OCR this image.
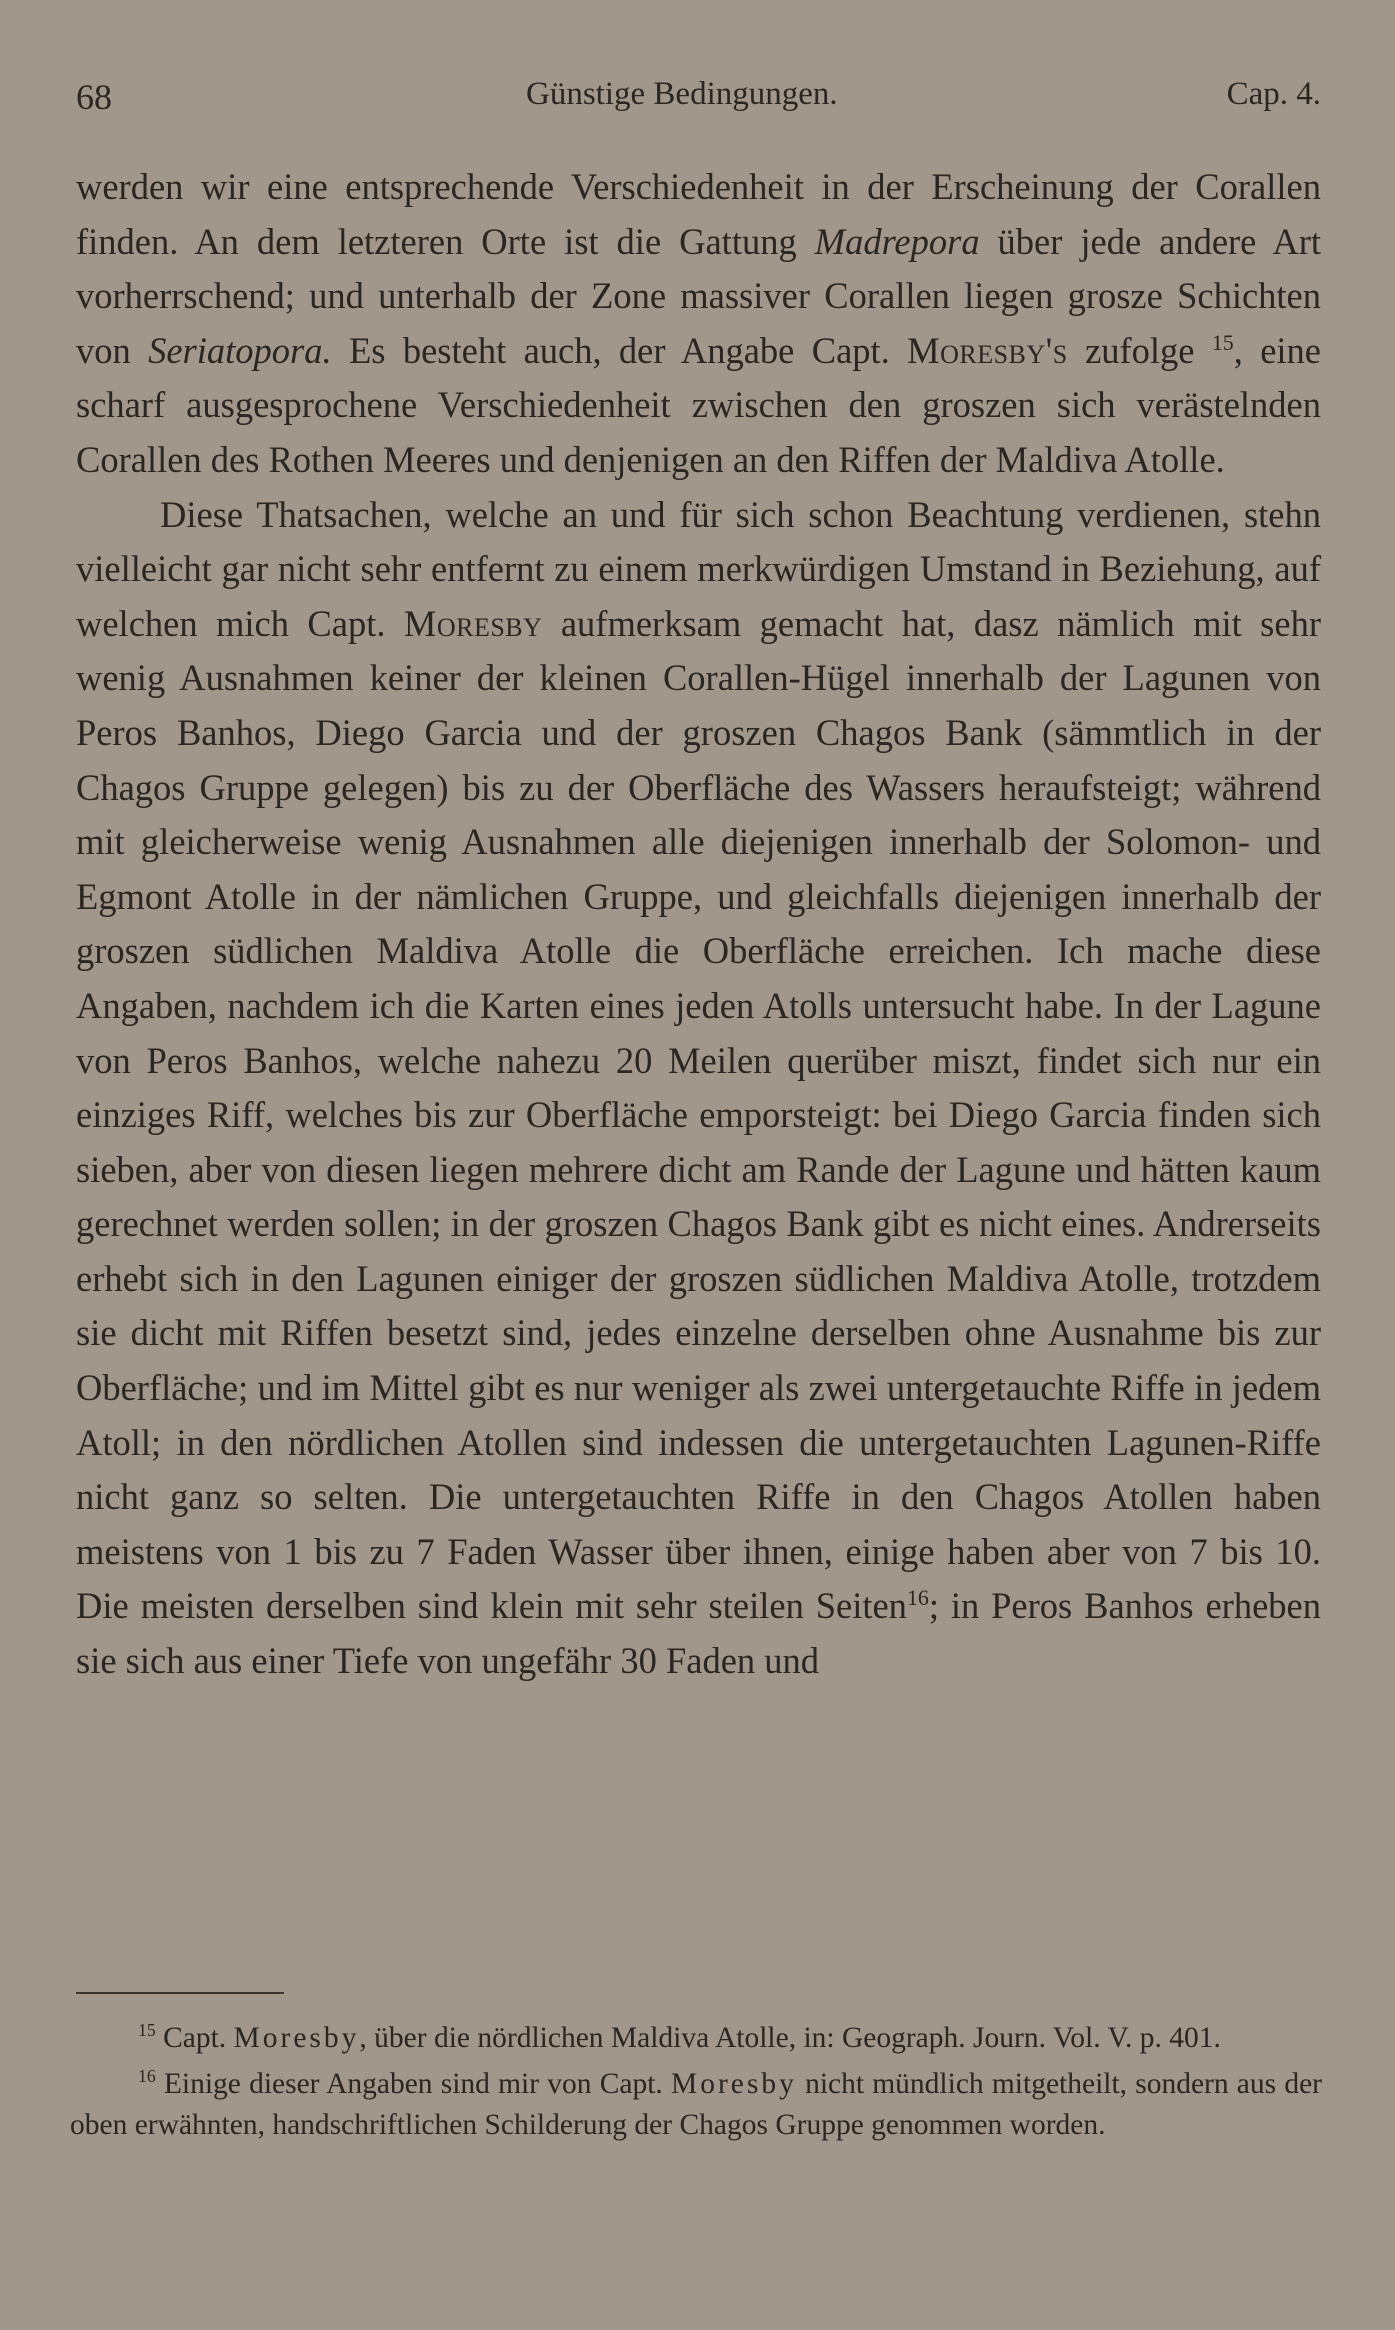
68	Günstige Bedingungen.	Cap. 4.

werden wir eine entsprechende Verschiedenheit in der Erscheinung der Corallen finden. An dem letzteren Orte ist die Gattung Madrepora über jede andere Art vorherrschend; und unterhalb der Zone massiver Corallen liegen grosze Schichten von Seriatopora. Es besteht auch, der Angabe Capt. Moresby's zufolge $^{15}$, eine scharf ausgesprochene Verschiedenheit zwischen den groszen sich verästelnden Corallen des Rothen Meeres und denjenigen an den Riffen der Maldiva Atolle.

Diese Thatsachen, welche an und für sich schon Beachtung verdienen, stehn vielleicht gar nicht sehr entfernt zu einem merkwürdigen Umstand in Beziehung, auf welchen mich Capt. Moresby aufmerksam gemacht hat, dasz nämlich mit sehr wenig Ausnahmen keiner der kleinen Corallen-Hügel innerhalb der Lagunen von Peros Banhos, Diego Garcia und der groszen Chagos Bank (sämmtlich in der Chagos Gruppe gelegen) bis zu der Oberfläche des Wassers heraufsteigt; während mit gleicherweise wenig Ausnahmen alle diejenigen innerhalb der Solomon- und Egmont Atolle in der nämlichen Gruppe, und gleichfalls diejenigen innerhalb der groszen südlichen Maldiva Atolle die Oberfläche erreichen. Ich mache diese Angaben, nachdem ich die Karten eines jeden Atolls untersucht habe. In der Lagune von Peros Banhos, welche nahezu 20 Meilen querüber miszt, findet sich nur ein einziges Riff, welches bis zur Oberfläche emporsteigt: bei Diego Garcia finden sich sieben, aber von diesen liegen mehrere dicht am Rande der Lagune und hätten kaum gerechnet werden sollen; in der groszen Chagos Bank gibt es nicht eines. Andrerseits erhebt sich in den Lagunen einiger der groszen südlichen Maldiva Atolle, trotzdem sie dicht mit Riffen besetzt sind, jedes einzelne derselben ohne Ausnahme bis zur Oberfläche; und im Mittel gibt es nur weniger als zwei untergetauchte Riffe in jedem Atoll; in den nördlichen Atollen sind indessen die untergetauchten Lagunen-Riffe nicht ganz so selten. Die untergetauchten Riffe in den Chagos Atollen haben meistens von 1 bis zu 7 Faden Wasser über ihnen, einige haben aber von 7 bis 10. Die meisten derselben sind klein mit sehr steilen Seiten$^{16}$; in Peros Banhos erheben sie sich aus einer Tiefe von ungefähr 30 Faden und

$^{15}$ Capt. Moresby, über die nördlichen Maldiva Atolle, in: Geograph. Journ. Vol. V. p. 401.

$^{16}$ Einige dieser Angaben sind mir von Capt. Moresby nicht mündlich mitgetheilt, sondern aus der oben erwähnten, handschriftlichen Schilderung der Chagos Gruppe genommen worden.
